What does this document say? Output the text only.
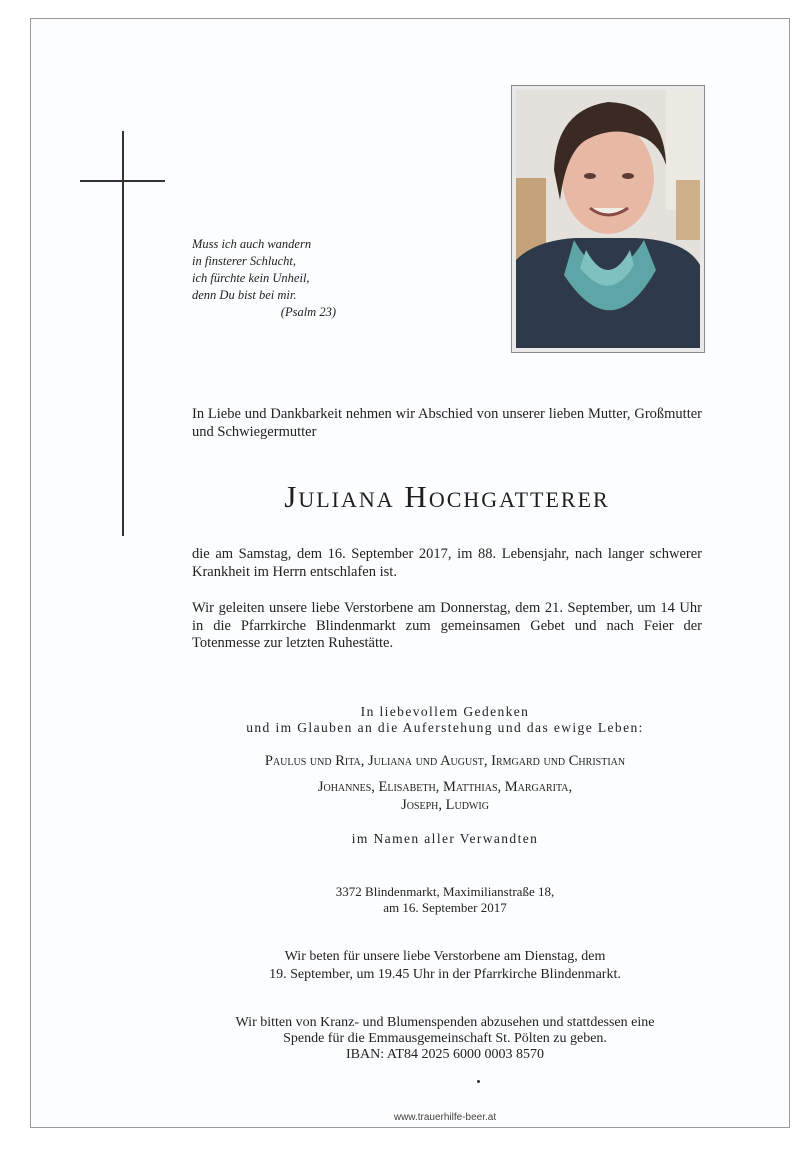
Muss ich auch wandern
in finsterer Schlucht,
ich fürchte kein Unheil,
denn Du bist bei mir.
(Psalm 23)
In Liebe und Dankbarkeit nehmen wir Abschied von unserer lieben Mutter, Großmutter und Schwiegermutter
Juliana Hochgatterer
die am Samstag, dem 16. September 2017, im 88. Lebensjahr, nach langer schwerer Krankheit im Herrn entschlafen ist.
Wir geleiten unsere liebe Verstorbene am Donnerstag, dem 21. September, um 14 Uhr in die Pfarrkirche Blindenmarkt zum gemeinsamen Gebet und nach Feier der Totenmesse zur letzten Ruhestätte.
In liebevollem Gedenken
und im Glauben an die Auferstehung und das ewige Leben:
Paulus und Rita, Juliana und August, Irmgard und Christian
Johannes, Elisabeth, Matthias, Margarita,
Joseph, Ludwig
im Namen aller Verwandten
3372 Blindenmarkt, Maximilianstraße 18,
am 16. September 2017
Wir beten für unsere liebe Verstorbene am Dienstag, dem
19. September, um 19.45 Uhr in der Pfarrkirche Blindenmarkt.
Wir bitten von Kranz- und Blumenspenden abzusehen und stattdessen eine
Spende für die Emmausgemeinschaft St. Pölten zu geben.
IBAN: AT84 2025 6000 0003 8570
www.trauerhilfe-beer.at
